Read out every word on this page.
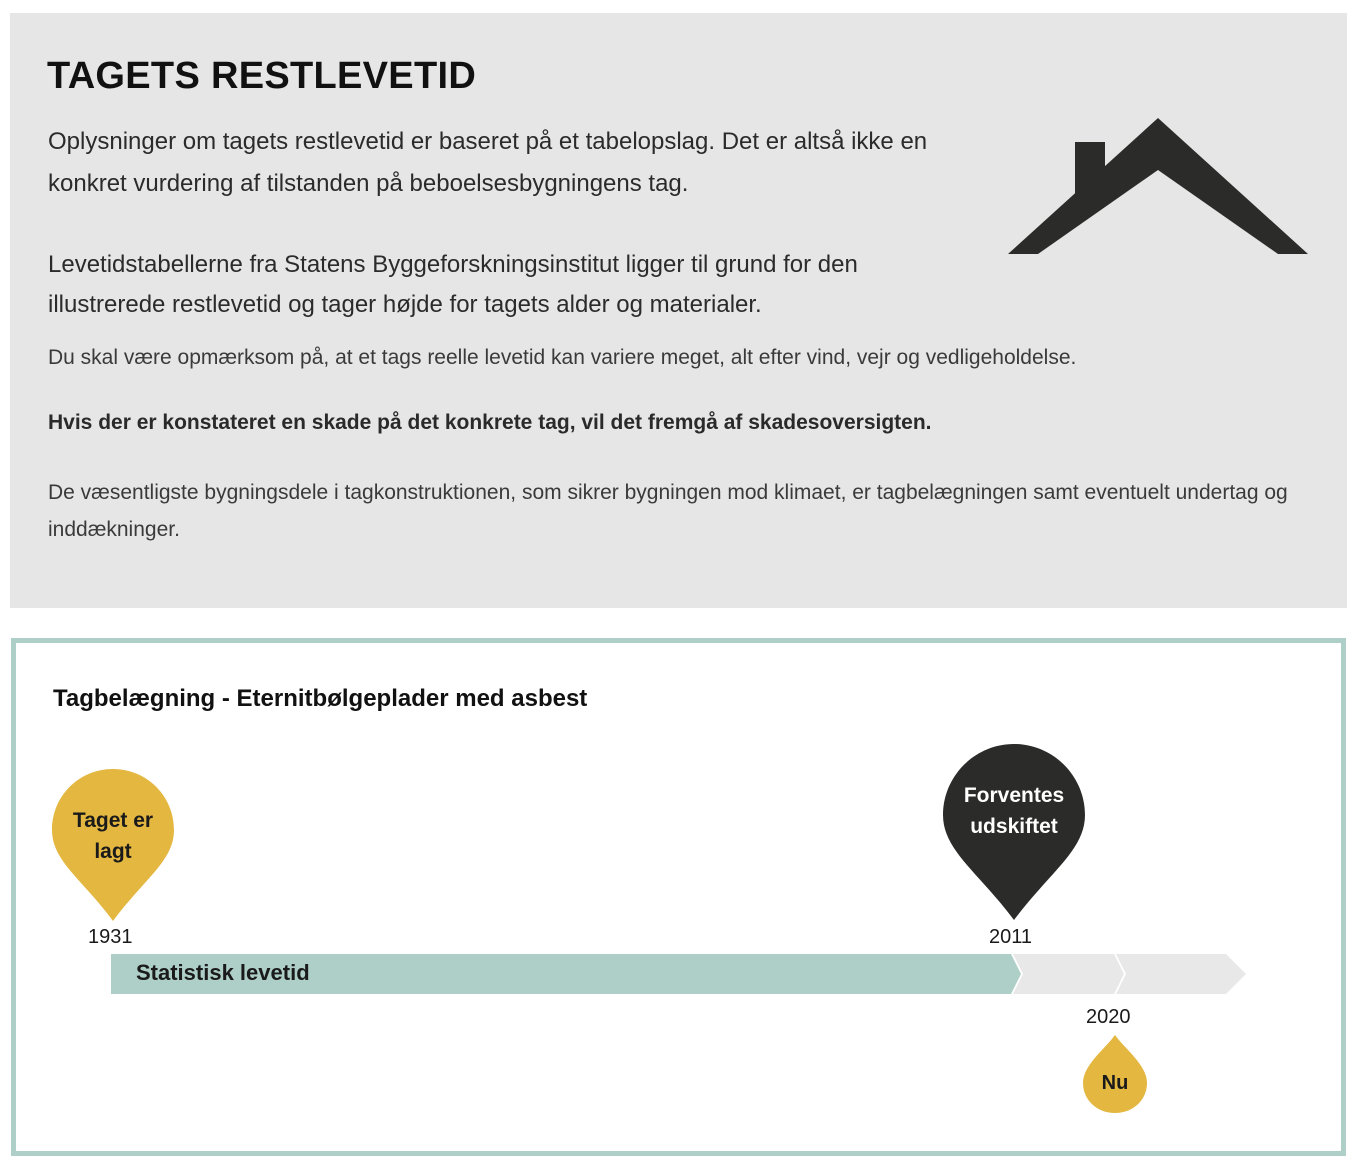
TAGETS RESTLEVETID

Oplysninger om tagets restlevetid er baseret på et tabelopslag. Det er altså ikke en konkret vurdering af tilstanden på beboelsesbygningens tag.

Levetidstabellerne fra Statens Byggeforskningsinstitut ligger til grund for den illustrerede restlevetid og tager højde for tagets alder og materialer.

Du skal være opmærksom på, at et tags reelle levetid kan variere meget, alt efter vind, vejr og vedligeholdelse.

Hvis der er konstateret en skade på det konkrete tag, vil det fremgå af skadesoversigten.

De væsentligste bygningsdele i tagkonstruktionen, som sikrer bygningen mod klimaet, er tagbelægningen samt eventuelt undertag og inddækninger.

Tagbelægning - Eternitbølgeplader med asbest
Taget er lagt
1931
Forventes udskiftet
2011
Statistisk levetid
2020
Nu
